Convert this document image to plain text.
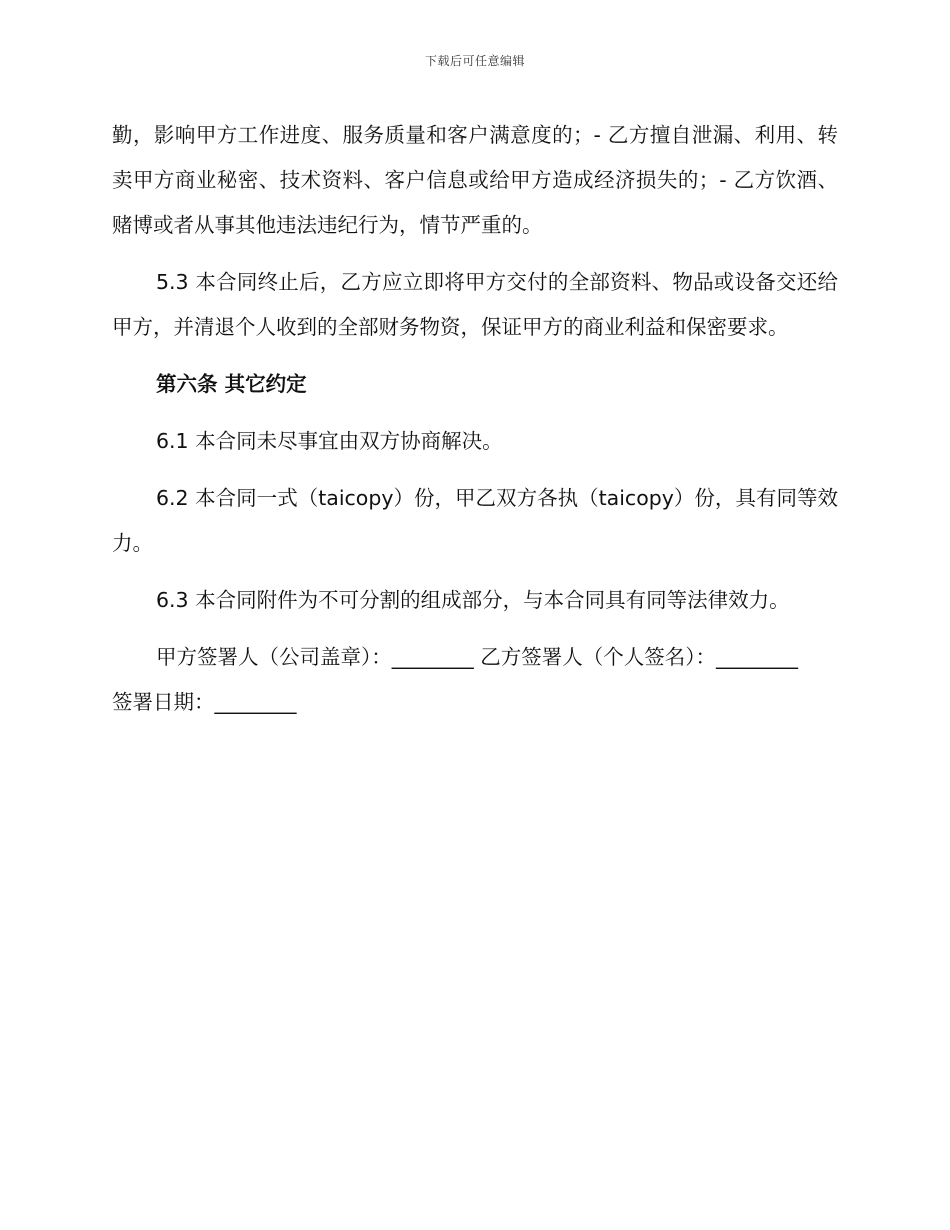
下载后可任意编辑

勤，影响甲方工作进度、服务质量和客户满意度的；- 乙方擅自泄漏、利用、转卖甲方商业秘密、技术资料、客户信息或给甲方造成经济损失的；- 乙方饮酒、赌博或者从事其他违法违纪行为，情节严重的。

5.3 本合同终止后，乙方应立即将甲方交付的全部资料、物品或设备交还给甲方，并清退个人收到的全部财务物资，保证甲方的商业利益和保密要求。

第六条 其它约定

6.1 本合同未尽事宜由双方协商解决。

6.2 本合同一式（taicopy）份，甲乙双方各执（taicopy）份，具有同等效力。

6.3 本合同附件为不可分割的组成部分，与本合同具有同等法律效力。

甲方签署人（公司盖章）：________ 乙方签署人（个人签名）：________

签署日期：________
